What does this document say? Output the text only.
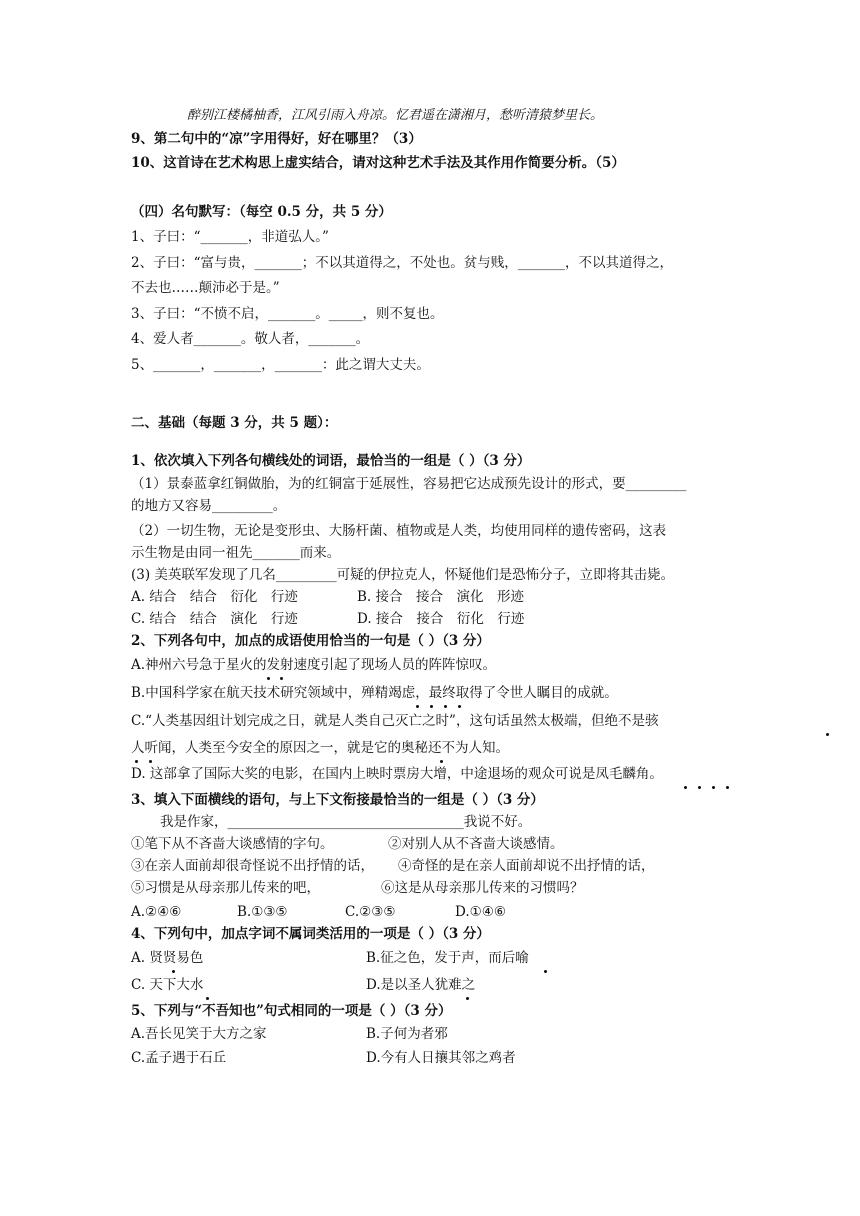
醉别江楼橘柚香，江风引雨入舟凉。忆君遥在潇湘月，愁听清猿梦里长。
9、第二句中的“凉”字用得好，好在哪里？（3）
10、这首诗在艺术构思上虚实结合，请对这种艺术手法及其作用作简要分析。（5）
（四）名句默写：（每空 0.5 分，共 5 分）
1、子曰：“_______，非道弘人。”
2、子曰：“富与贵，_______；不以其道得之，不处也。贫与贱，_______，不以其道得之，
不去也……颠沛必于是。”
3、子曰：“不愤不启，_______。_____，则不复也。
4、爱人者_______。敬人者，_______。
5、_______，_______，_______：此之谓大丈夫。
二、基础（每题 3 分，共 5 题）：
1、依次填入下列各句横线处的词语，最恰当的一组是（ ）（3 分）
（1）景泰蓝拿红铜做胎，为的红铜富于延展性，容易把它达成预先设计的形式，要_________
的地方又容易_________。
（2）一切生物，无论是变形虫、大肠杆菌、植物或是人类，均使用同样的遗传密码，这表
示生物是由同一祖先_______而来。
(3) 美英联军发现了几名_________可疑的伊拉克人，怀疑他们是恐怖分子，立即将其击毙。
A. 结合　结合　衍化　行迹	B. 接合　接合　演化　形迹
C. 结合　结合　演化　行迹	D. 接合　接合　衍化　行迹
2、下列各句中，加点的成语使用恰当的一句是（ ）（3 分）
A.神州六号急于星火的发射速度引起了现场人员的阵阵惊叹。
B.中国科学家在航天技术研究领域中，殚精竭虑，最终取得了令世人瞩目的成就。
C.“人类基因组计划完成之日，就是人类自己灭亡之时”，这句话虽然太极端，但绝不是骇
人听闻，人类至今安全的原因之一，就是它的奥秘还不为人知。
D. 这部拿了国际大奖的电影，在国内上映时票房大增，中途退场的观众可说是凤毛麟角。
3、填入下面横线的语句，与上下文衔接最恰当的一组是（ ）（3 分）
我是作家，___________________________________我说不好。
①笔下从不吝啬大谈感情的字句。	②对别人从不吝啬大谈感情。
③在亲人面前却很奇怪说不出抒情的话， ④奇怪的是在亲人面前却说不出抒情的话，
⑤习惯是从母亲那儿传来的吧，	⑥这是从母亲那儿传来的习惯吗？
A.②④⑥	B.①③⑤	C.②③⑤	D.①④⑥
4、下列句中，加点字词不属词类活用的一项是（ ）（3 分）
A. 贤贤易色	B.征之色，发于声，而后喻
C. 天下大水	D.是以圣人犹难之
5、下列与“不吾知也”句式相同的一项是（ ）（3 分）
A.吾长见笑于大方之家	B.子何为者邪
C.孟子遇于石丘	D.今有人日攘其邻之鸡者
